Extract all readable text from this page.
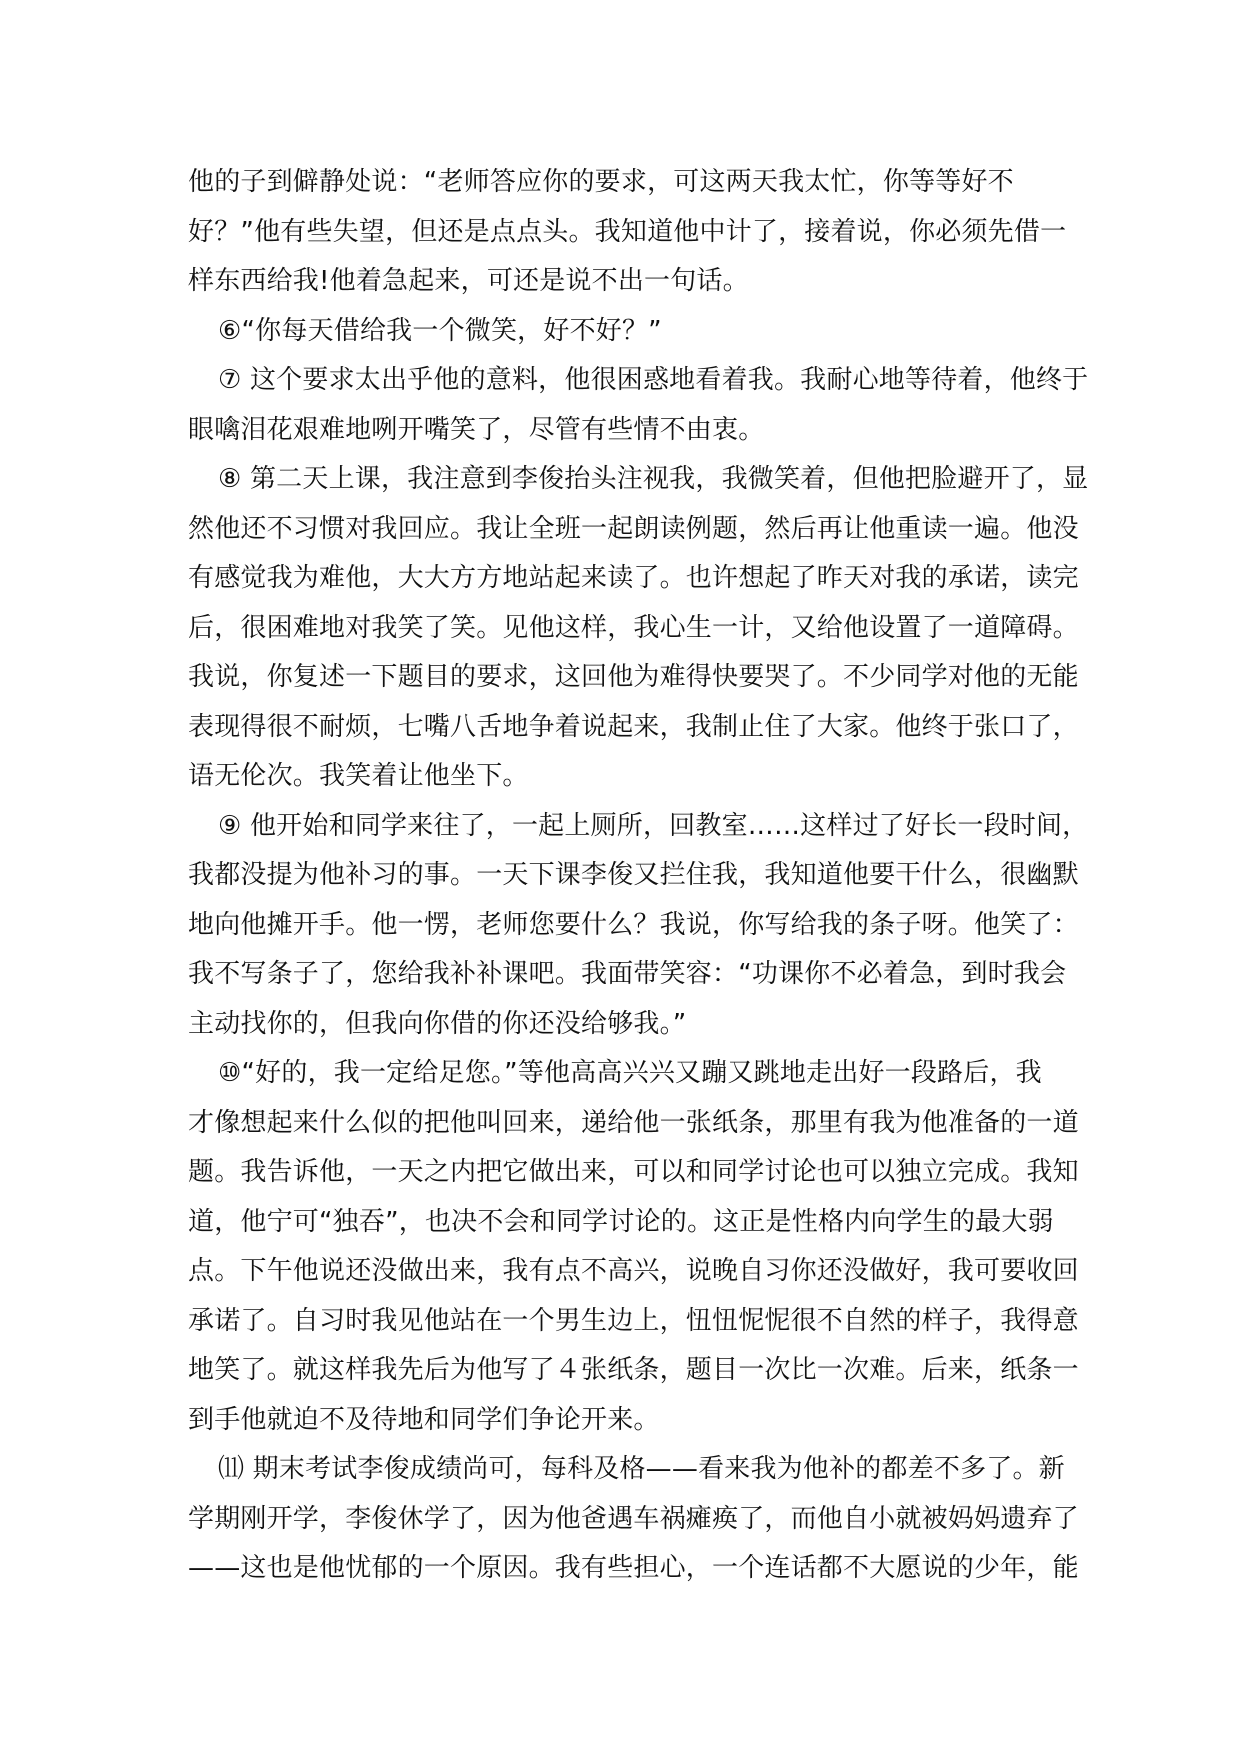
他的子到僻静处说：“老师答应你的要求，可这两天我太忙，你等等好不
好？”他有些失望，但还是点点头。我知道他中计了，接着说，你必须先借一
样东西给我!他着急起来，可还是说不出一句话。
⑥“你每天借给我一个微笑，好不好？”
⑦ 这个要求太出乎他的意料，他很困惑地看着我。我耐心地等待着，他终于
眼噙泪花艰难地咧开嘴笑了，尽管有些情不由衷。
⑧ 第二天上课，我注意到李俊抬头注视我，我微笑着，但他把脸避开了，显
然他还不习惯对我回应。我让全班一起朗读例题，然后再让他重读一遍。他没
有感觉我为难他，大大方方地站起来读了。也许想起了昨天对我的承诺，读完
后，很困难地对我笑了笑。见他这样，我心生一计，又给他设置了一道障碍。
我说，你复述一下题目的要求，这回他为难得快要哭了。不少同学对他的无能
表现得很不耐烦，七嘴八舌地争着说起来，我制止住了大家。他终于张口了，
语无伦次。我笑着让他坐下。
⑨ 他开始和同学来往了，一起上厕所，回教室……这样过了好长一段时间，
我都没提为他补习的事。一天下课李俊又拦住我，我知道他要干什么，很幽默
地向他摊开手。他一愣，老师您要什么？我说，你写给我的条子呀。他笑了：
我不写条子了，您给我补补课吧。我面带笑容：“功课你不必着急，到时我会
主动找你的，但我向你借的你还没给够我。”
⑩“好的，我一定给足您。”等他高高兴兴又蹦又跳地走出好一段路后，我
才像想起来什么似的把他叫回来，递给他一张纸条，那里有我为他准备的一道
题。我告诉他，一天之内把它做出来，可以和同学讨论也可以独立完成。我知
道，他宁可“独吞”，也决不会和同学讨论的。这正是性格内向学生的最大弱
点。下午他说还没做出来，我有点不高兴，说晚自习你还没做好，我可要收回
承诺了。自习时我见他站在一个男生边上，忸忸怩怩很不自然的样子，我得意
地笑了。就这样我先后为他写了４张纸条，题目一次比一次难。后来，纸条一
到手他就迫不及待地和同学们争论开来。
⑾ 期末考试李俊成绩尚可，每科及格——看来我为他补的都差不多了。新
学期刚开学，李俊休学了，因为他爸遇车祸瘫痪了，而他自小就被妈妈遗弃了
——这也是他忧郁的一个原因。我有些担心，一个连话都不大愿说的少年，能
